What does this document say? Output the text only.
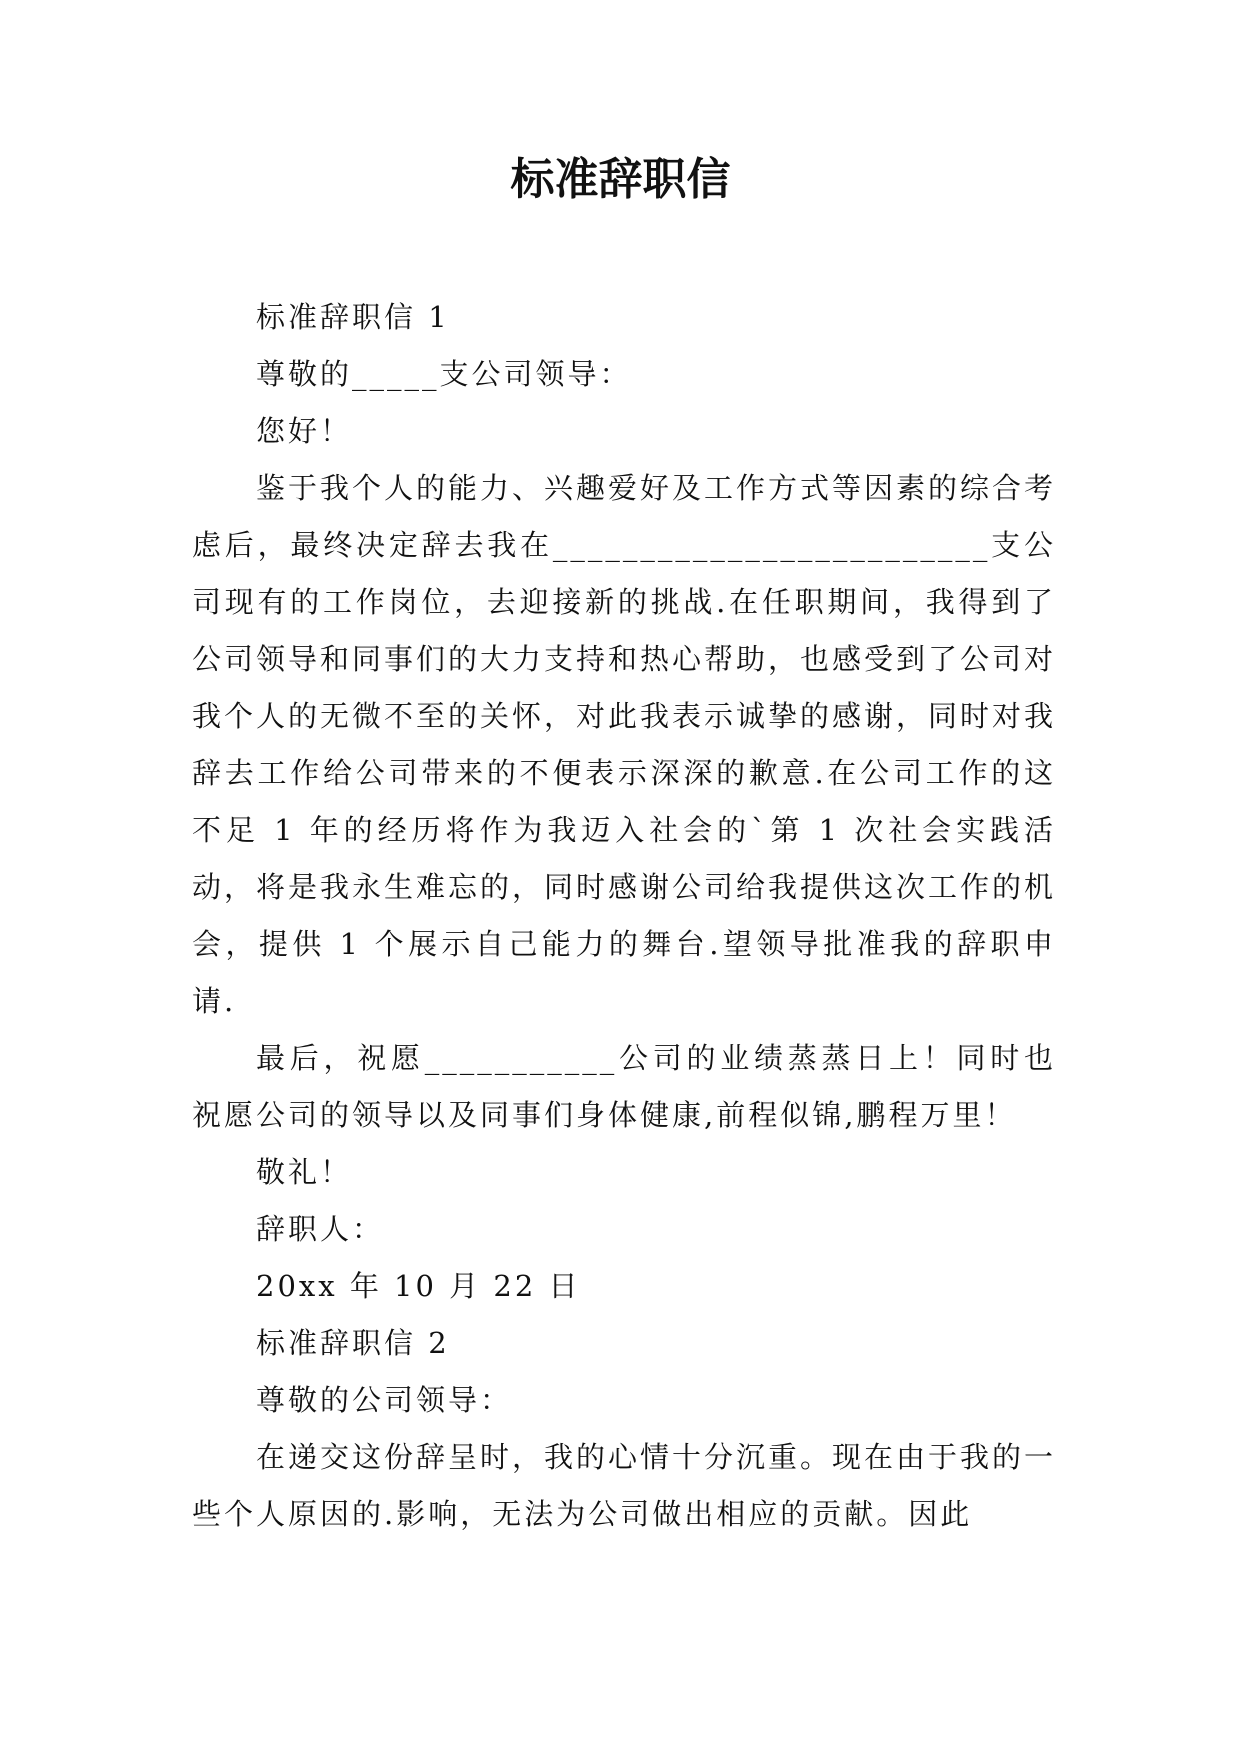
标准辞职信

标准辞职信 1

尊敬的_____支公司领导：

您好！

鉴于我个人的能力、兴趣爱好及工作方式等因素的综合考虑后，最终决定辞去我在_________________________支公司现有的工作岗位，去迎接新的挑战.在任职期间，我得到了公司领导和同事们的大力支持和热心帮助，也感受到了公司对我个人的无微不至的关怀，对此我表示诚挚的感谢，同时对我辞去工作给公司带来的不便表示深深的歉意.在公司工作的这不足 1 年的经历将作为我迈入社会的`第 1 次社会实践活动，将是我永生难忘的，同时感谢公司给我提供这次工作的机会，提供 1 个展示自己能力的舞台.望领导批准我的辞职申请.

最后，祝愿___________公司的业绩蒸蒸日上！同时也祝愿公司的领导以及同事们身体健康,前程似锦,鹏程万里！

敬礼！

辞职人：

20xx 年 10 月 22 日

标准辞职信 2

尊敬的公司领导：

在递交这份辞呈时，我的心情十分沉重。现在由于我的一些个人原因的.影响，无法为公司做出相应的贡献。因此
